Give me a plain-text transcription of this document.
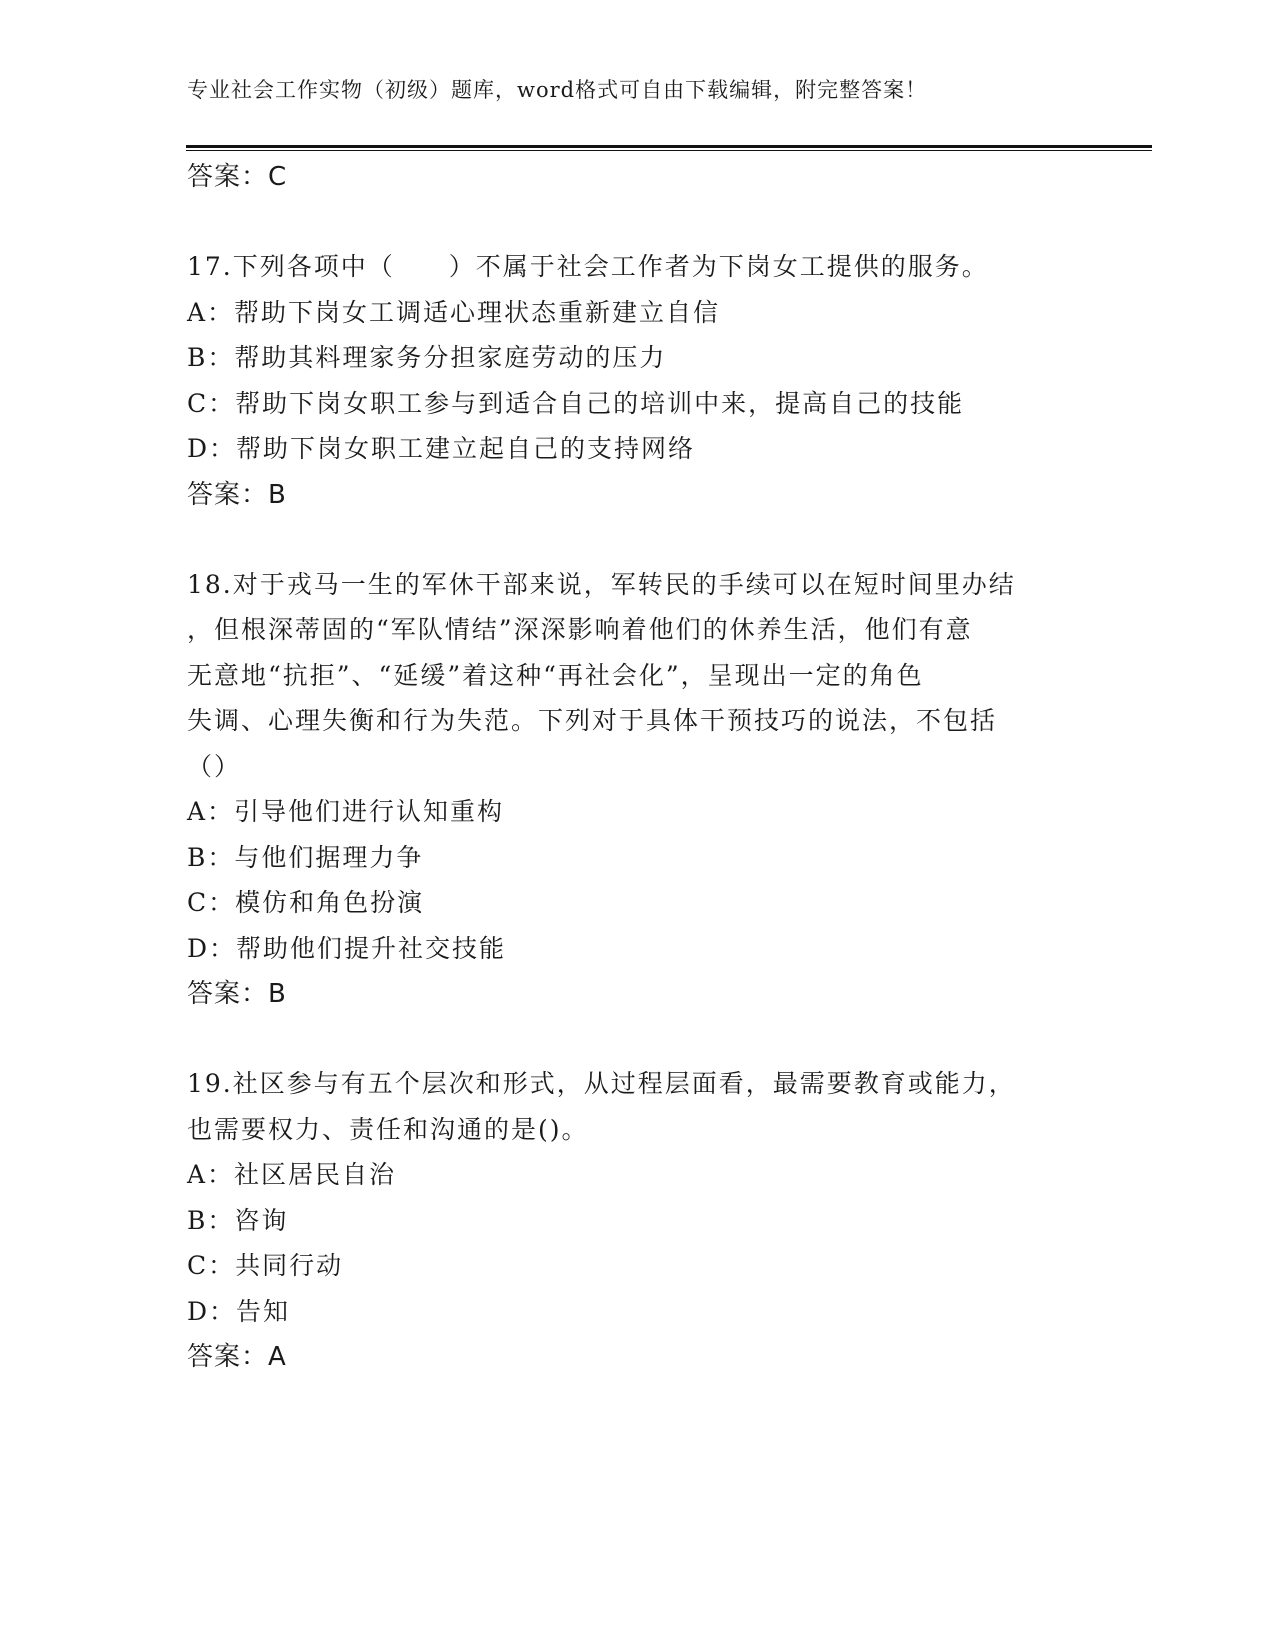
专业社会工作实物（初级）题库，word格式可自由下载编辑，附完整答案！
答案：C
17.下列各项中（　　）不属于社会工作者为下岗女工提供的服务。
A：帮助下岗女工调适心理状态重新建立自信
B：帮助其料理家务分担家庭劳动的压力
C：帮助下岗女职工参与到适合自己的培训中来，提高自己的技能
D：帮助下岗女职工建立起自己的支持网络
答案：B
18.对于戎马一生的军休干部来说，军转民的手续可以在短时间里办结
，但根深蒂固的“军队情结”深深影响着他们的休养生活，他们有意
无意地“抗拒”、“延缓”着这种“再社会化”，呈现出一定的角色
失调、心理失衡和行为失范。下列对于具体干预技巧的说法，不包括
（）
A：引导他们进行认知重构
B：与他们据理力争
C：模仿和角色扮演
D：帮助他们提升社交技能
答案：B
19.社区参与有五个层次和形式，从过程层面看，最需要教育或能力，
也需要权力、责任和沟通的是()。
A：社区居民自治
B：咨询
C：共同行动
D：告知
答案：A
